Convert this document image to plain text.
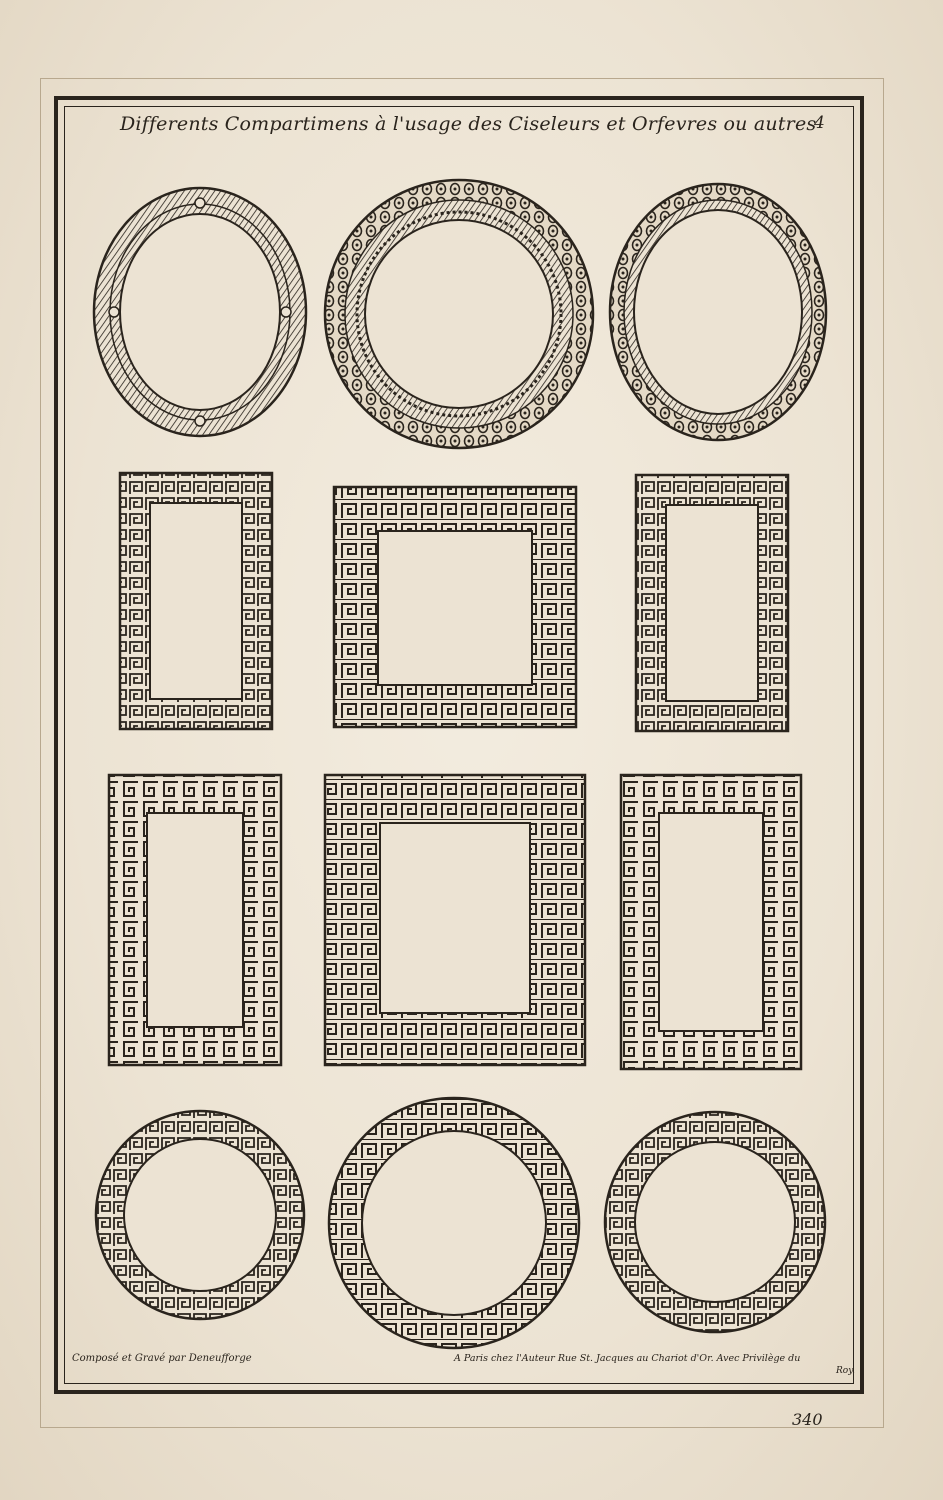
Differents Compartimens à l'usage des Ciseleurs et Orfevres ou autres
4
Composé et Gravé par Deneufforge	A Paris chez l'Auteur Rue St. Jacques au Chariot d'Or. Avec Privilège du
Roy.
340
